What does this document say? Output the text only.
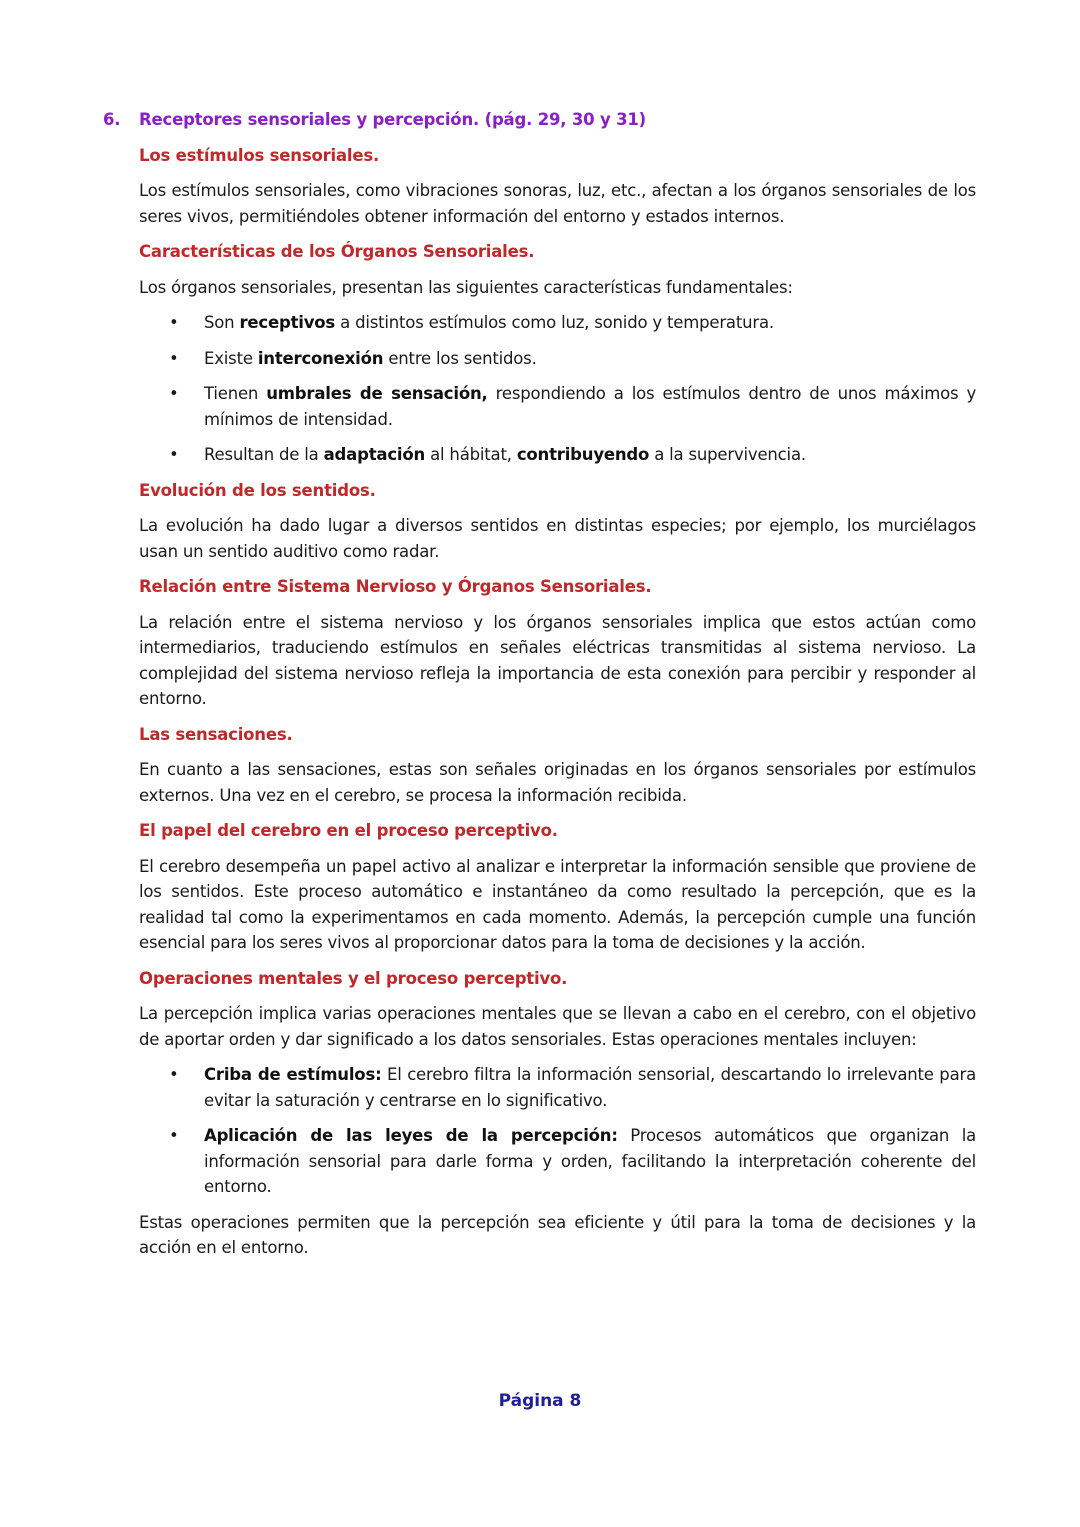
6. Receptores sensoriales y percepción. (pág. 29, 30 y 31)
Los estímulos sensoriales.

Los estímulos sensoriales, como vibraciones sonoras, luz, etc., afectan a los órganos sensoriales de los seres vivos, permitiéndoles obtener información del entorno y estados internos.

Características de los Órganos Sensoriales.

Los órganos sensoriales, presentan las siguientes características fundamentales:

• Son receptivos a distintos estímulos como luz, sonido y temperatura.
• Existe interconexión entre los sentidos.
• Tienen umbrales de sensación, respondiendo a los estímulos dentro de unos máximos y mínimos de intensidad.
• Resultan de la adaptación al hábitat, contribuyendo a la supervivencia.
Evolución de los sentidos.

La evolución ha dado lugar a diversos sentidos en distintas especies; por ejemplo, los murciélagos usan un sentido auditivo como radar.

Relación entre Sistema Nervioso y Órganos Sensoriales.

La relación entre el sistema nervioso y los órganos sensoriales implica que estos actúan como intermediarios, traduciendo estímulos en señales eléctricas transmitidas al sistema nervioso. La complejidad del sistema nervioso refleja la importancia de esta conexión para percibir y responder al entorno.

Las sensaciones.

En cuanto a las sensaciones, estas son señales originadas en los órganos sensoriales por estímulos externos. Una vez en el cerebro, se procesa la información recibida.

El papel del cerebro en el proceso perceptivo.

El cerebro desempeña un papel activo al analizar e interpretar la información sensible que proviene de los sentidos. Este proceso automático e instantáneo da como resultado la percepción, que es la realidad tal como la experimentamos en cada momento. Además, la percepción cumple una función esencial para los seres vivos al proporcionar datos para la toma de decisiones y la acción.

Operaciones mentales y el proceso perceptivo.

La percepción implica varias operaciones mentales que se llevan a cabo en el cerebro, con el objetivo de aportar orden y dar significado a los datos sensoriales. Estas operaciones mentales incluyen:

• Criba de estímulos: El cerebro filtra la información sensorial, descartando lo irrelevante para evitar la saturación y centrarse en lo significativo.
• Aplicación de las leyes de la percepción: Procesos automáticos que organizan la información sensorial para darle forma y orden, facilitando la interpretación coherente del entorno.

Estas operaciones permiten que la percepción sea eficiente y útil para la toma de decisiones y la acción en el entorno.

Página 8
